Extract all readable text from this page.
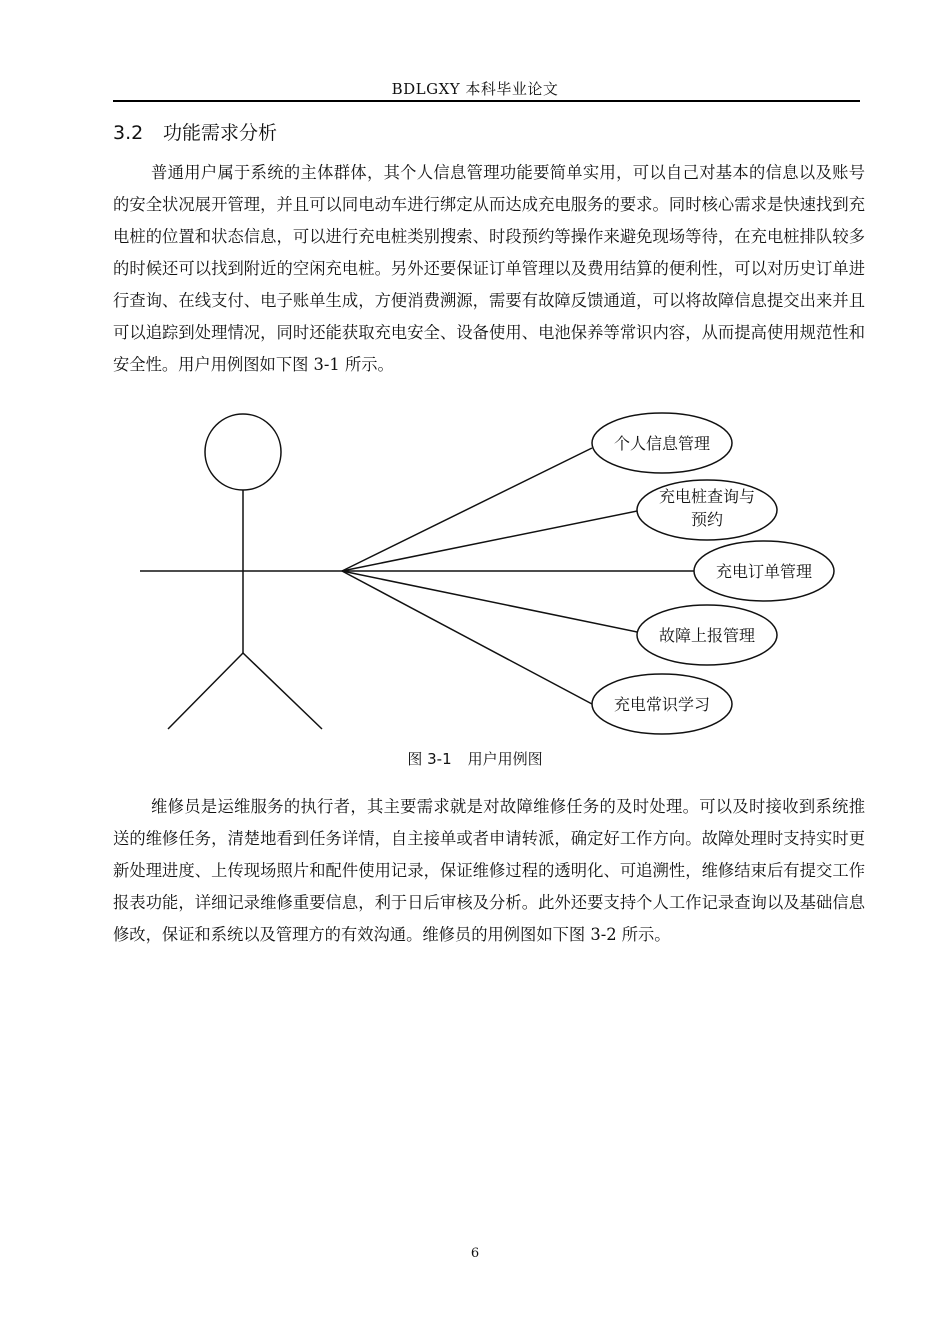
BDLGXY 本科毕业论文
3.2 功能需求分析

普通用户属于系统的主体群体，其个人信息管理功能要简单实用，可以自己对基本的信息以及账号的安全状况展开管理，并且可以同电动车进行绑定从而达成充电服务的要求。同时核心需求是快速找到充电桩的位置和状态信息，可以进行充电桩类别搜索、时段预约等操作来避免现场等待，在充电桩排队较多的时候还可以找到附近的空闲充电桩。另外还要保证订单管理以及费用结算的便利性，可以对历史订单进行查询、在线支付、电子账单生成，方便消费溯源，需要有故障反馈通道，可以将故障信息提交出来并且可以追踪到处理情况，同时还能获取充电安全、设备使用、电池保养等常识内容，从而提高使用规范性和安全性。用户用例图如下图 3-1 所示。

个人信息管理
充电桩查询与
预约
充电订单管理
故障上报管理
充电常识学习
图 3-1 用户用例图

维修员是运维服务的执行者，其主要需求就是对故障维修任务的及时处理。可以及时接收到系统推送的维修任务，清楚地看到任务详情，自主接单或者申请转派，确定好工作方向。故障处理时支持实时更新处理进度、上传现场照片和配件使用记录，保证维修过程的透明化、可追溯性，维修结束后有提交工作报表功能，详细记录维修重要信息，利于日后审核及分析。此外还要支持个人工作记录查询以及基础信息修改，保证和系统以及管理方的有效沟通。维修员的用例图如下图 3-2 所示。

6
